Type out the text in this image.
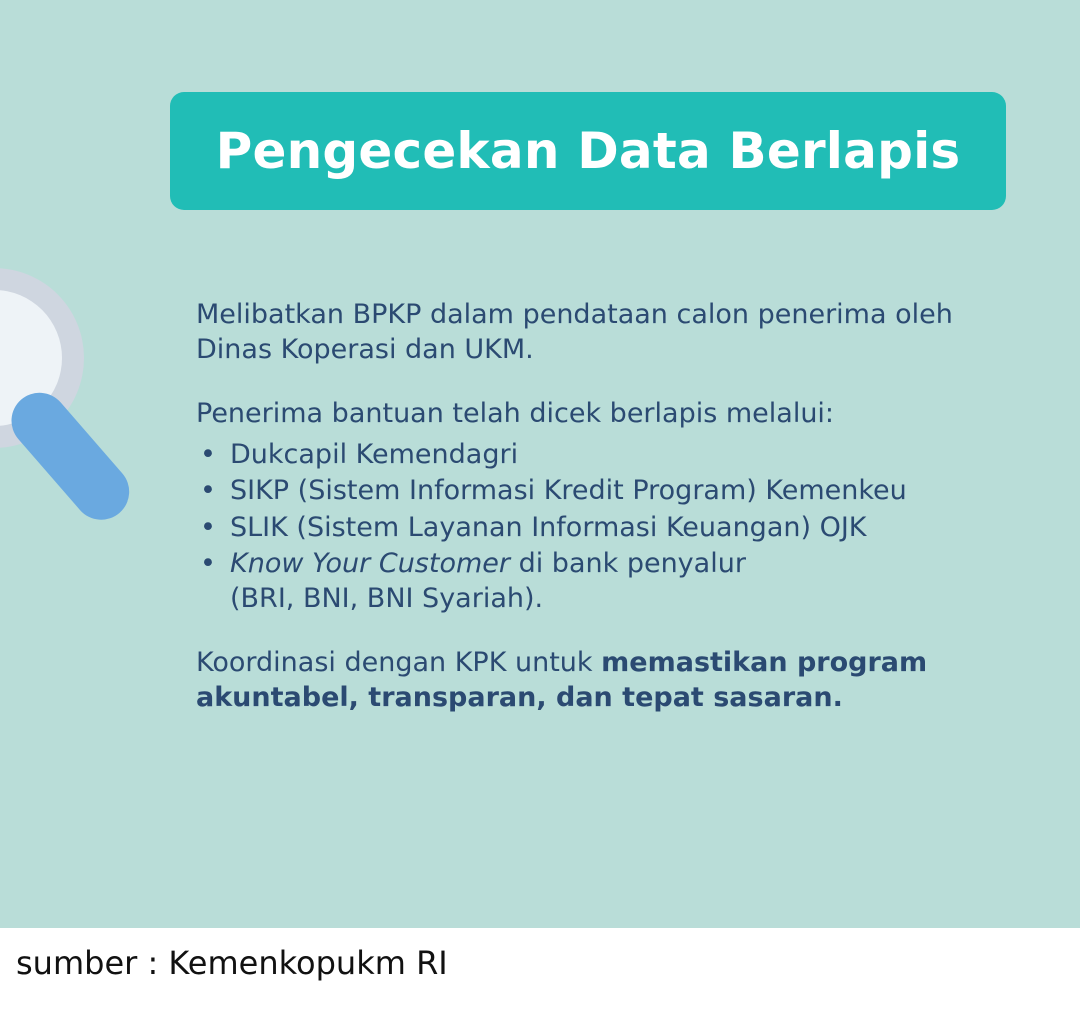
Pengecekan Data Berlapis

Melibatkan BPKP dalam pendataan calon penerima oleh Dinas Koperasi dan UKM.

Penerima bantuan telah dicek berlapis melalui:

• Dukcapil Kemendagri
• SIKP (Sistem Informasi Kredit Program) Kemenkeu
• SLIK (Sistem Layanan Informasi Keuangan) OJK
• Know Your Customer di bank penyalur
(BRI, BNI, BNI Syariah).

Koordinasi dengan KPK untuk memastikan program akuntabel, transparan, dan tepat sasaran.

sumber : Kemenkopukm RI
